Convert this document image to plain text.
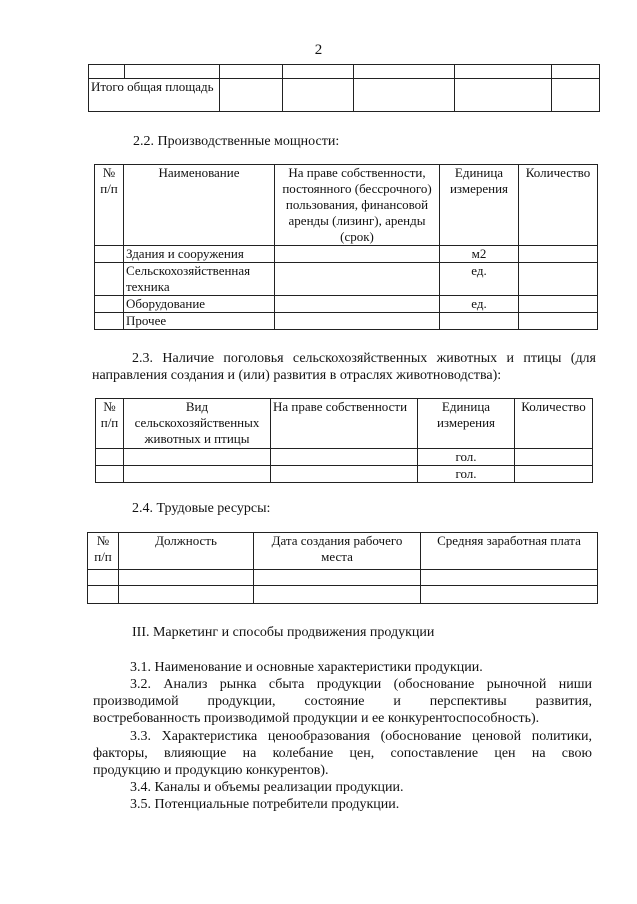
2

Итого общая площадь						
2.2. Производственные мощности:
№ п/п	Наименование	На праве собственности, постоянного (бессрочного) пользования, финансовой аренды (лизинг), аренды (срок)	Единица измерения	Количество
	Здания и сооружения		м2	
	Сельскохозяйственная техника		ед.	
	Оборудование		ед.	
	Прочее			
2.3. Наличие поголовья сельскохозяйственных животных и птицы (для
направления создания и (или) развития в отраслях животноводства):
№ п/п	Вид сельскохозяйственных животных и птицы	На праве собственности	Единица измерения	Количество
			гол.	
			гол.	
2.4. Трудовые ресурсы:
№ п/п	Должность	Дата создания рабочего места	Средняя заработная плата

III. Маркетинг и способы продвижения продукции
3.1. Наименование и основные характеристики продукции.
3.2. Анализ рынка сбыта продукции (обоснование рыночной ниши
производимой продукции, состояние и перспективы развития,
востребованность производимой продукции и ее конкурентоспособность).
3.3. Характеристика ценообразования (обоснование ценовой политики,
факторы, влияющие на колебание цен, сопоставление цен на свою
продукцию и продукцию конкурентов).
3.4. Каналы и объемы реализации продукции.
3.5. Потенциальные потребители продукции.
